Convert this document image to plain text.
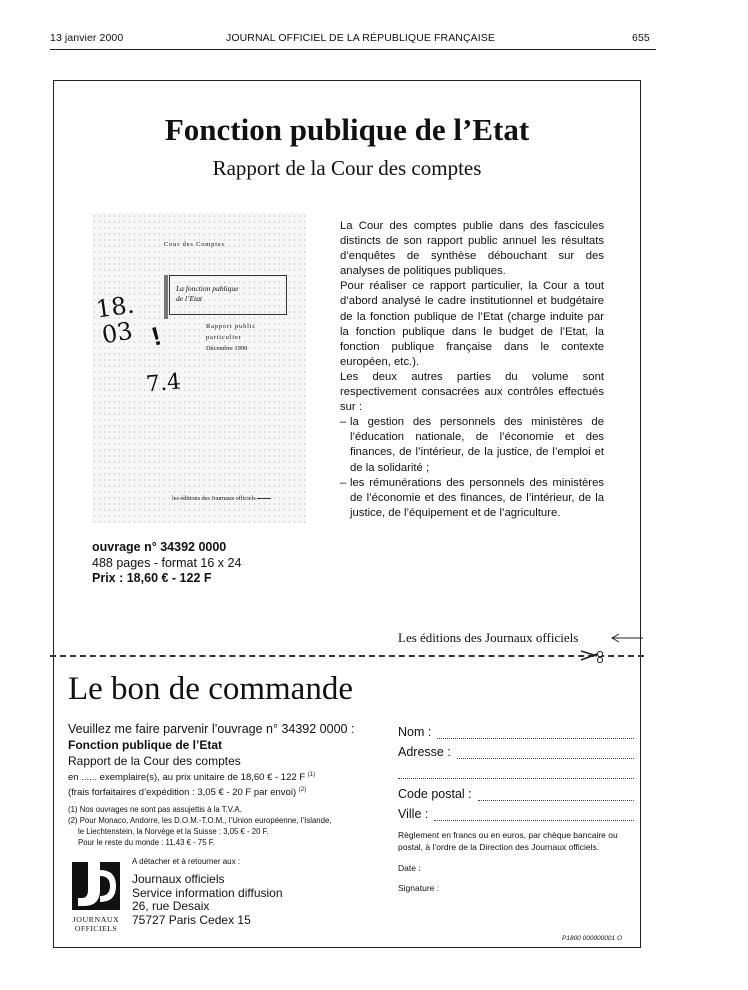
13 janvier 2000	JOURNAL OFFICIEL DE LA RÉPUBLIQUE FRANÇAISE	655
Fonction publique de l’Etat
Rapport de la Cour des comptes
Cour des Comptes
La fonction publique
de l’Etat
Rapport public
particulier
Décembre 1999
18.
03 !
7.4
les éditions des Journaux officiels

La Cour des comptes publie dans des fascicules distincts de son rapport public annuel les résultats d’enquêtes de synthèse débouchant sur des analyses de politiques publiques.

Pour réaliser ce rapport particulier, la Cour a tout d’abord analysé le cadre institutionnel et budgétaire de la fonction publique de l’Etat (charge induite par la fonction publique dans le budget de l’Etat, la fonction publique française dans le contexte européen, etc.).

Les deux autres parties du volume sont respectivement consacrées aux contrôles effectués sur :

– la gestion des personnels des ministères de l’éducation nationale, de l’économie et des finances, de l’intérieur, de la justice, de l’emploi et de la solidarité ;
– les rémunérations des personnels des ministères de l’économie et des finances, de l’intérieur, de la justice, de l’équipement et de l’agriculture.
ouvrage n° 34392 0000
488 pages - format 16 x 24
Prix : 18,60 € - 122 F
Les éditions des Journaux officiels
Le bon de commande
Veuillez me faire parvenir l’ouvrage n° 34392 0000 :
Fonction publique de l’Etat
Rapport de la Cour des comptes
en ...... exemplaire(s), au prix unitaire de 18,60 € - 122 F $^{(1)}$
(frais forfaitaires d’expédition : 3,05 € - 20 F par envoi) $^{(2)}$
(1) Nos ouvrages ne sont pas assujettis à la T.V.A.
(2) Pour Monaco, Andorre, les D.O.M.-T.O.M., l’Union européenne, l’Islande,
le Liechtenstein, la Norvège et la Suisse : 3,05 € - 20 F.
Pour le reste du monde : 11,43 € - 75 F.
JOURNAUX
OFFICIELS
A détacher et à retourner aux :
Journaux officiels
Service information diffusion
26, rue Desaix
75727 Paris Cedex 15
Nom :
Adresse :
Code postal :
Ville :
Règlement en francs ou en euros, par chèque bancaire ou postal, à l’ordre de la Direction des Journaux officiels.
Date :
Signature :
P1800 000000001 O
